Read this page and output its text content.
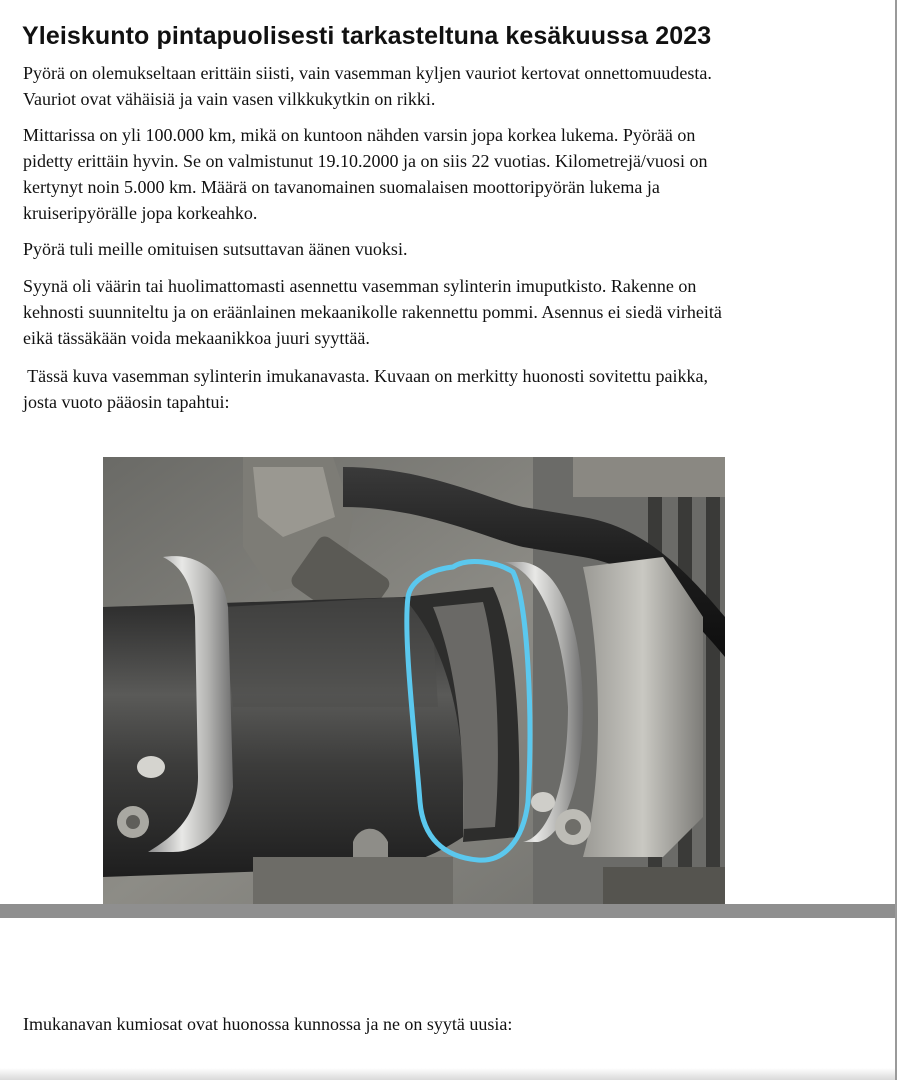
Yleiskunto pintapuolisesti tarkasteltuna kesäkuussa 2023

Pyörä on olemukseltaan erittäin siisti, vain vasemman kyljen vauriot kertovat onnettomuudesta.
Vauriot ovat vähäisiä ja vain vasen vilkkukytkin on rikki.

Mittarissa on yli 100.000 km, mikä on kuntoon nähden varsin jopa korkea lukema. Pyörää on
pidetty erittäin hyvin. Se on valmistunut 19.10.2000 ja on siis 22 vuotias. Kilometrejä/vuosi on
kertynyt noin 5.000 km. Määrä on tavanomainen suomalaisen moottoripyörän lukema ja
kruiseripyörälle jopa korkeahko.

Pyörä tuli meille omituisen sutsuttavan äänen vuoksi.

Syynä oli väärin tai huolimattomasti asennettu vasemman sylinterin imuputkisto. Rakenne on
kehnosti suunniteltu ja on eräänlainen mekaanikolle rakennettu pommi. Asennus ei siedä virheitä
eikä tässäkään voida mekaanikkoa juuri syyttää.

Tässä kuva vasemman sylinterin imukanavasta. Kuvaan on merkitty huonosti sovitettu paikka,
josta vuoto pääosin tapahtui:

Imukanavan kumiosat ovat huonossa kunnossa ja ne on syytä uusia:
